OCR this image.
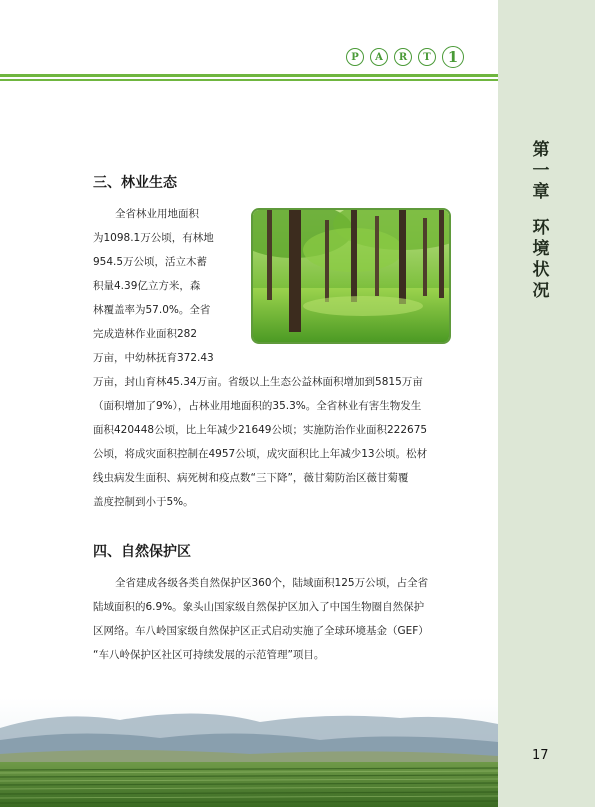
第
一
章
环
境
状
况
P	A	R	T	1
三、林业生态
全省林业用地面积
为1098.1万公顷，有林地
954.5万公顷，活立木蓄
积量4.39亿立方米，森
林覆盖率为57.0%。全省
完成造林作业面积282
万亩，中幼林抚育372.43
万亩，封山育林45.34万亩。省级以上生态公益林面积增加到5815万亩
（面积增加了9%），占林业用地面积的35.3%。全省林业有害生物发生
面积420448公顷，比上年减少21649公顷；实施防治作业面积222675
公顷，将成灾面积控制在4957公顷，成灾面积比上年减少13公顷。松材
线虫病发生面积、病死树和疫点数“三下降”，薇甘菊防治区薇甘菊覆
盖度控制到小于5%。
四、自然保护区
全省建成各级各类自然保护区360个，陆域面积125万公顷，占全省
陆域面积的6.9%。象头山国家级自然保护区加入了中国生物圈自然保护
区网络。车八岭国家级自然保护区正式启动实施了全球环境基金（GEF）
“车八岭保护区社区可持续发展的示范管理”项目。
17
